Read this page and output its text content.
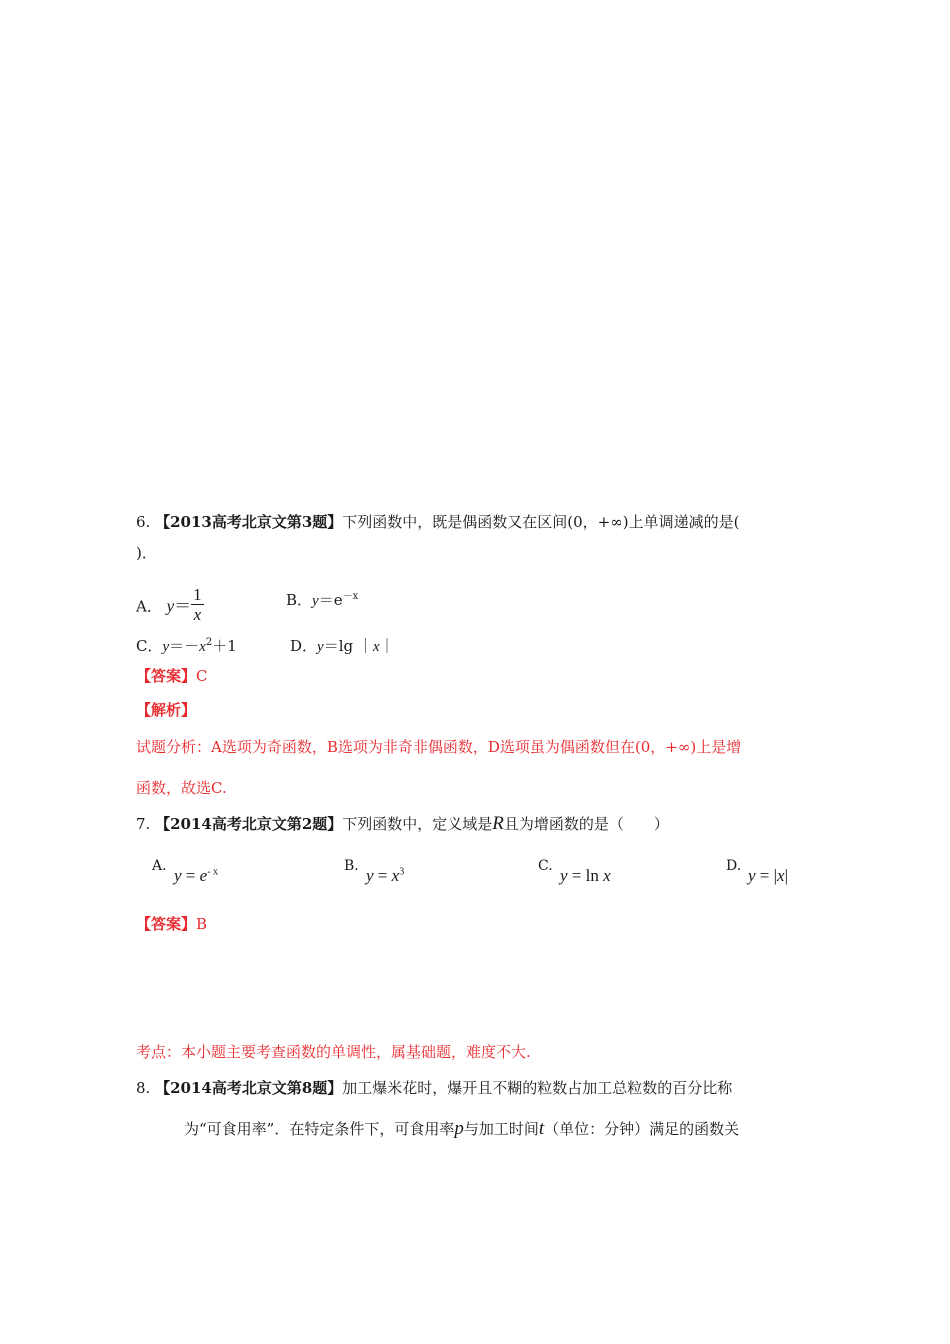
6. 【2013高考北京文第3题】下列函数中，既是偶函数又在区间(0，+∞)上单调递减的是(
)．
A． $y= \frac{1}{x}$	B．$y=e^{-x}$
C．$y=-x^2+1$	D．y＝lg ｜x｜
【答案】C
【解析】
试题分析：A选项为奇函数，B选项为非奇非偶函数，D选项虽为偶函数但在(0，+∞)上是增
函数，故选C.
7. 【2014高考北京文第2题】下列函数中，定义域是R且为增函数的是（　　）
A. $y = e^{- x}$	B. $y = x^3$	C. y = ln x	D. y = |x|
【答案】B
考点：本小题主要考查函数的单调性，属基础题，难度不大.
8. 【2014高考北京文第8题】加工爆米花时，爆开且不糊的粒数占加工总粒数的百分比称
为“可食用率”．在特定条件下，可食用率p与加工时间t（单位：分钟）满足的函数关
